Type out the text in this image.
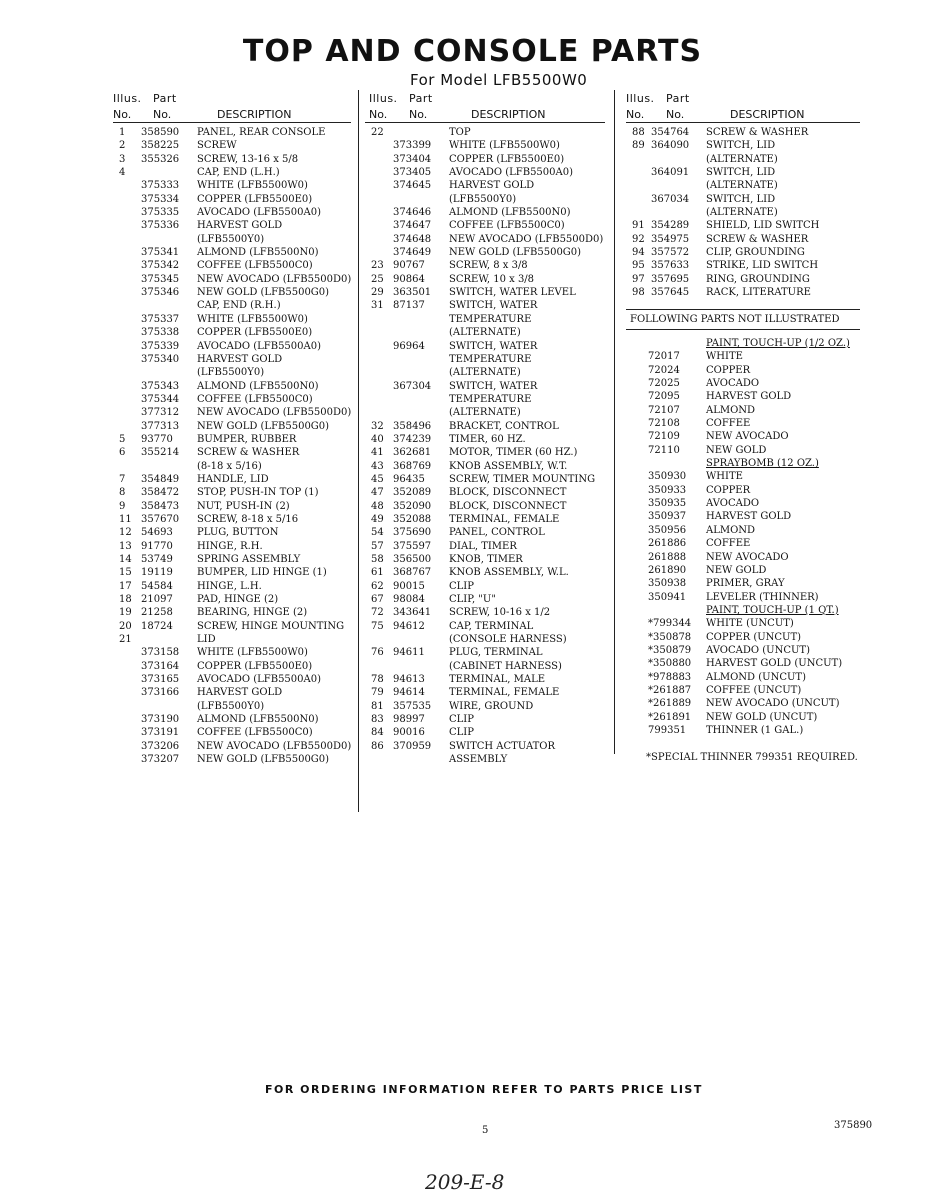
TOP AND CONSOLE PARTS
For Model LFB5500W0
Illus. Part
No. No.	DESCRIPTION
1 358590 PANEL, REAR CONSOLE
2 358225 SCREW
3 355326 SCREW, 13-16 x 5/8
4	CAP, END (L.H.)
375333 WHITE (LFB5500W0)
375334 COPPER (LFB5500E0)
375335 AVOCADO (LFB5500A0)
375336 HARVEST GOLD
(LFB5500Y0)
375341 ALMOND (LFB5500N0)
375342 COFFEE (LFB5500C0)
375345 NEW AVOCADO (LFB5500D0)
375346 NEW GOLD (LFB5500G0)
CAP, END (R.H.)
375337 WHITE (LFB5500W0)
375338 COPPER (LFB5500E0)
375339 AVOCADO (LFB5500A0)
375340 HARVEST GOLD
(LFB5500Y0)
375343 ALMOND (LFB5500N0)
375344 COFFEE (LFB5500C0)
377312 NEW AVOCADO (LFB5500D0)
377313 NEW GOLD (LFB5500G0)
5 93770 BUMPER, RUBBER
6 355214 SCREW & WASHER
(8-18 x 5/16)
7 354849 HANDLE, LID
8 358472 STOP, PUSH-IN TOP (1)
9 358473 NUT, PUSH-IN (2)
11 357670 SCREW, 8-18 x 5/16
12 54693 PLUG, BUTTON
13 91770 HINGE, R.H.
14 53749 SPRING ASSEMBLY
15 19119 BUMPER, LID HINGE (1)
17 54584 HINGE, L.H.
18 21097 PAD, HINGE (2)
19 21258 BEARING, HINGE (2)
20 18724 SCREW, HINGE MOUNTING
21	LID
373158 WHITE (LFB5500W0)
373164 COPPER (LFB5500E0)
373165 AVOCADO (LFB5500A0)
373166 HARVEST GOLD
(LFB5500Y0)
373190 ALMOND (LFB5500N0)
373191 COFFEE (LFB5500C0)
373206 NEW AVOCADO (LFB5500D0)
373207 NEW GOLD (LFB5500G0)
Illus. Part
No. No.	DESCRIPTION
22	TOP
373399 WHITE (LFB5500W0)
373404 COPPER (LFB5500E0)
373405 AVOCADO (LFB5500A0)
374645 HARVEST GOLD
(LFB5500Y0)
374646 ALMOND (LFB5500N0)
374647 COFFEE (LFB5500C0)
374648 NEW AVOCADO (LFB5500D0)
374649 NEW GOLD (LFB5500G0)
23 90767 SCREW, 8 x 3/8
25 90864 SCREW, 10 x 3/8
29 363501 SWITCH, WATER LEVEL
31 87137 SWITCH, WATER
TEMPERATURE
(ALTERNATE)
96964 SWITCH, WATER
TEMPERATURE
(ALTERNATE)
367304 SWITCH, WATER
TEMPERATURE
(ALTERNATE)
32 358496 BRACKET, CONTROL
40 374239 TIMER, 60 HZ.
41 362681 MOTOR, TIMER (60 HZ.)
43 368769 KNOB ASSEMBLY, W.T.
45 96435 SCREW, TIMER MOUNTING
47 352089 BLOCK, DISCONNECT
48 352090 BLOCK, DISCONNECT
49 352088 TERMINAL, FEMALE
54 375690 PANEL, CONTROL
57 375597 DIAL, TIMER
58 356500 KNOB, TIMER
61 368767 KNOB ASSEMBLY, W.L.
62 90015 CLIP
67 98084 CLIP, "U"
72 343641 SCREW, 10-16 x 1/2
75 94612 CAP, TERMINAL
(CONSOLE HARNESS)
76 94611 PLUG, TERMINAL
(CABINET HARNESS)
78 94613 TERMINAL, MALE
79 94614 TERMINAL, FEMALE
81 357535 WIRE, GROUND
83 98997 CLIP
84 90016 CLIP
86 370959 SWITCH ACTUATOR
ASSEMBLY
Illus. Part
No. No.	DESCRIPTION
88 354764 SCREW & WASHER
89 364090 SWITCH, LID
(ALTERNATE)
364091 SWITCH, LID
(ALTERNATE)
367034 SWITCH, LID
(ALTERNATE)
91 354289 SHIELD, LID SWITCH
92 354975 SCREW & WASHER
94 357572 CLIP, GROUNDING
95 357633 STRIKE, LID SWITCH
97 357695 RING, GROUNDING
98 357645 RACK, LITERATURE
FOLLOWING PARTS NOT ILLUSTRATED
PAINT, TOUCH-UP (1/2 OZ.)
72017	WHITE
72024	COPPER
72025	AVOCADO
72095	HARVEST GOLD
72107	ALMOND
72108	COFFEE
72109	NEW AVOCADO
72110	NEW GOLD
SPRAYBOMB (12 OZ.)
350930 WHITE
350933 COPPER
350935 AVOCADO
350937 HARVEST GOLD
350956 ALMOND
261886 COFFEE
261888 NEW AVOCADO
261890 NEW GOLD
350938 PRIMER, GRAY
350941 LEVELER (THINNER)
PAINT, TOUCH-UP (1 QT.)
*799344 WHITE (UNCUT)
*350878 COPPER (UNCUT)
*350879 AVOCADO (UNCUT)
*350880 HARVEST GOLD (UNCUT)
*978883 ALMOND (UNCUT)
*261887 COFFEE (UNCUT)
*261889 NEW AVOCADO (UNCUT)
*261891 NEW GOLD (UNCUT)
799351 THINNER (1 GAL.)
*SPECIAL THINNER 799351 REQUIRED.
FOR ORDERING INFORMATION REFER TO PARTS PRICE LIST
5	375890
209-E-8
